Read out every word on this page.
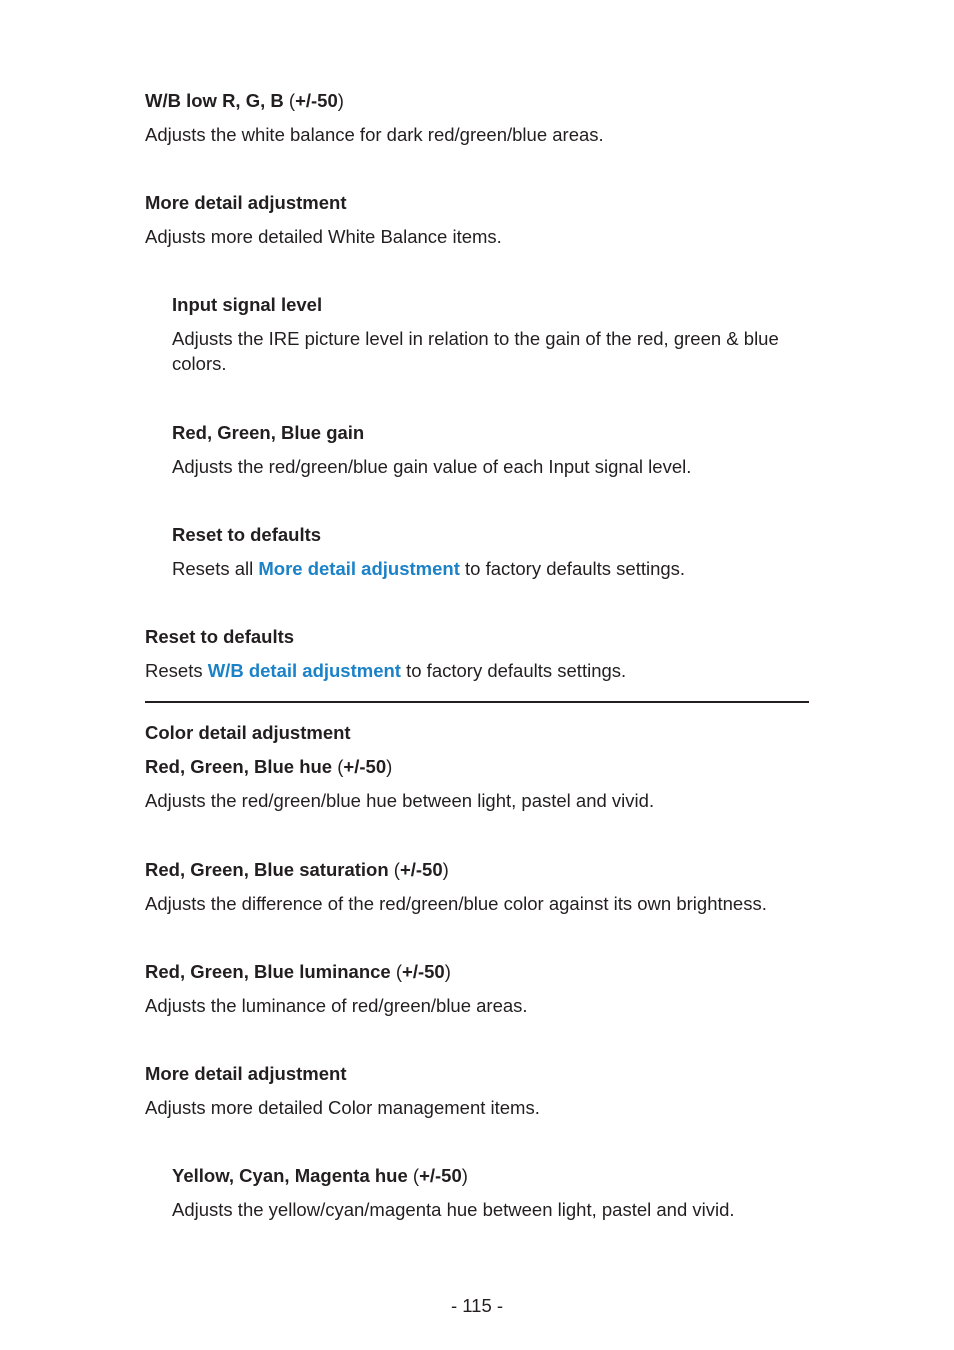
W/B low R, G, B (+/-50)

Adjusts the white balance for dark red/green/blue areas.

More detail adjustment

Adjusts more detailed White Balance items.

Input signal level

Adjusts the IRE picture level in relation to the gain of the red, green & blue colors.

Red, Green, Blue gain

Adjusts the red/green/blue gain value of each Input signal level.

Reset to defaults

Resets all More detail adjustment to factory defaults settings.

Reset to defaults

Resets W/B detail adjustment to factory defaults settings.

Color detail adjustment

Red, Green, Blue hue (+/-50)

Adjusts the red/green/blue hue between light, pastel and vivid.

Red, Green, Blue saturation (+/-50)

Adjusts the difference of the red/green/blue color against its own brightness.

Red, Green, Blue luminance (+/-50)

Adjusts the luminance of red/green/blue areas.

More detail adjustment

Adjusts more detailed Color management items.

Yellow, Cyan, Magenta hue (+/-50)

Adjusts the yellow/cyan/magenta hue between light, pastel and vivid.

- 115 -
